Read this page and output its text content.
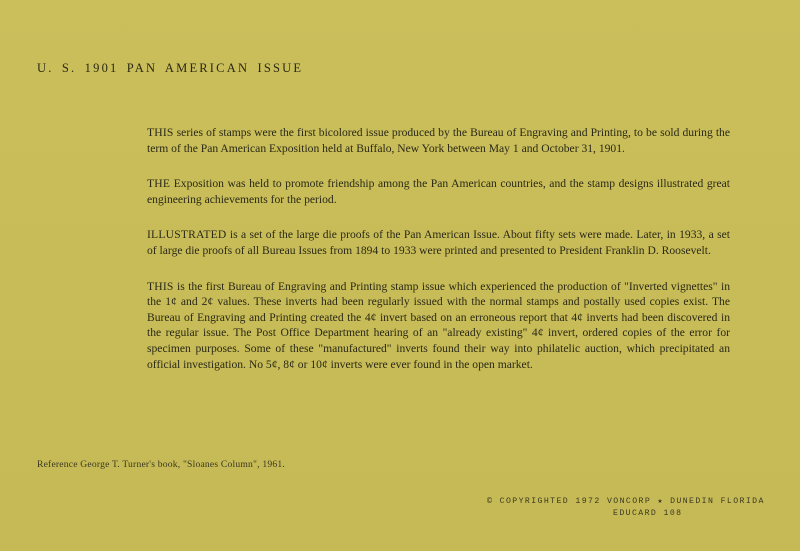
U. S. 1901 PAN AMERICAN ISSUE

THIS series of stamps were the first bicolored issue produced by the Bureau of Engraving and Printing, to be sold during the term of the Pan American Exposition held at Buffalo, New York between May 1 and October 31, 1901.

THE Exposition was held to promote friendship among the Pan American countries, and the stamp designs illustrated great engineering achievements for the period.

ILLUSTRATED is a set of the large die proofs of the Pan American Issue. About fifty sets were made. Later, in 1933, a set of large die proofs of all Bureau Issues from 1894 to 1933 were printed and presented to President Franklin D. Roosevelt.

THIS is the first Bureau of Engraving and Printing stamp issue which experienced the production of "Inverted vignettes" in the 1¢ and 2¢ values. These inverts had been regularly issued with the normal stamps and postally used copies exist. The Bureau of Engraving and Printing created the 4¢ invert based on an erroneous report that 4¢ inverts had been discovered in the regular issue. The Post Office Department hearing of an "already existing" 4¢ invert, ordered copies of the error for specimen purposes. Some of these "manufactured" inverts found their way into philatelic auction, which precipitated an official investigation. No 5¢, 8¢ or 10¢ inverts were ever found in the open market.

Reference George T. Turner's book, "Sloanes Column", 1961.
© COPYRIGHTED 1972 VONCORP ★ DUNEDIN FLORIDA
EDUCARD 108
